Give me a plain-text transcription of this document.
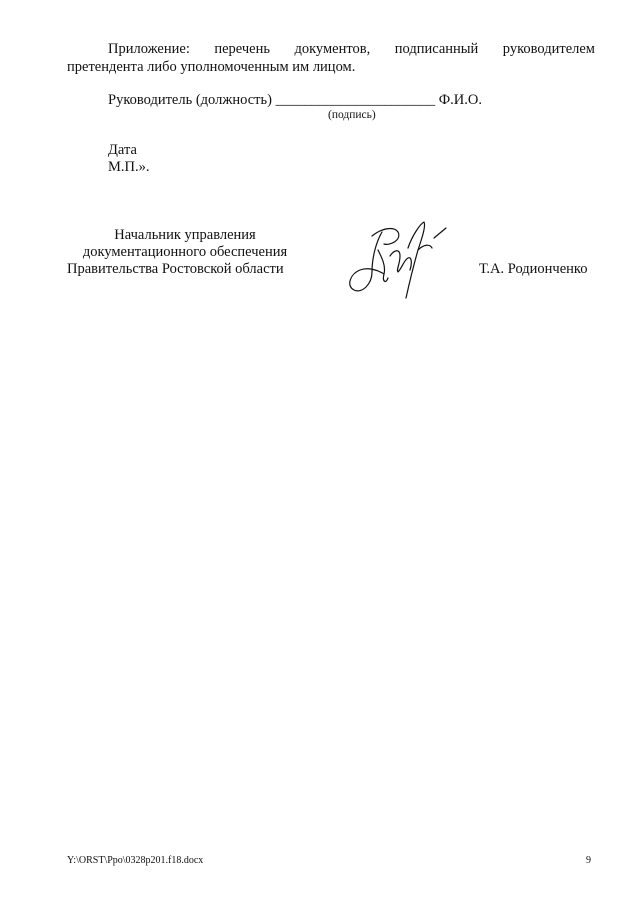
Приложение: перечень документов, подписанный руководителем
претендента либо уполномоченным им лицом.
Руководитель (должность) ______________________ Ф.И.О.
(подпись)
Дата
М.П.».
Начальник управления
документационного обеспечения
Правительства Ростовской области	Т.А. Родионченко
Y:\ORST\Ppo\0328p201.f18.docx	9
